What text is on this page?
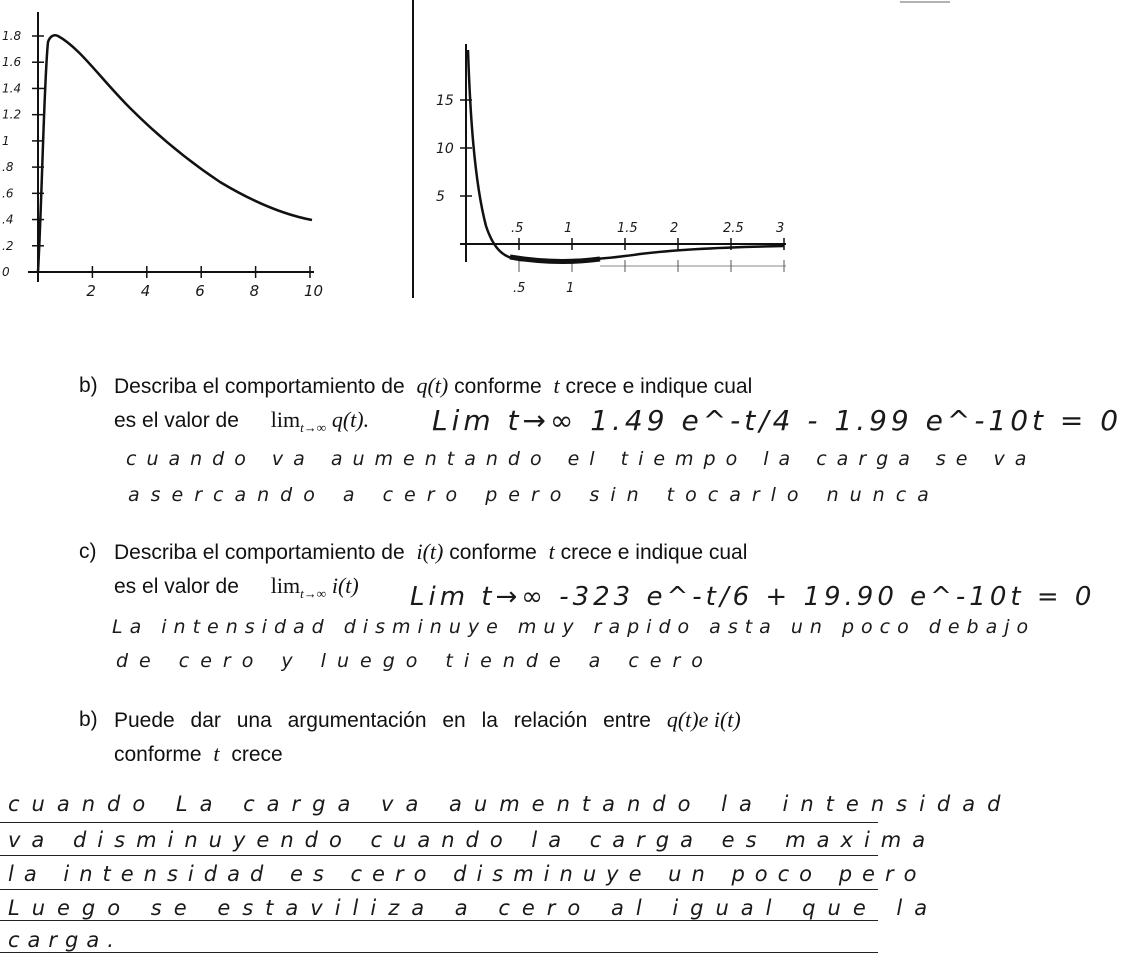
1.8
1.6
1.4
1.2
1
.8
.6
.4
.2
0
2	4	6	8	10
15
10
5
.5	1	1.5 2	2.5 3
.5	1
b) Describa el comportamiento de q(t) conforme t crece e indique cual
es el valor de $\lim_{t\to\infty} q(t)$. Lim t→∞ 1.49 e^-t/4 - 1.99 e^-10t = 0
cuando va aumentando el tiempo la carga se va
asercando a cero pero sin tocarlo nunca
c) Describa el comportamiento de i(t) conforme t crece e indique cual
es el valor de $\lim_{t\to\infty} i(t)$ Lim t→∞ -323 e^-t/6 + 19.90 e^-10t = 0
La intensidad disminuye muy rapido asta un poco debajo
de cero y luego tiende a cero
b) Puede dar una argumentación en la relación entre q(t)e i(t)
conforme t crece
cuando La carga va aumentando la intensidad
va disminuyendo cuando la carga es maxima
la intensidad es cero disminuye un poco pero
Luego se estaviliza a cero al igual que la
carga.
